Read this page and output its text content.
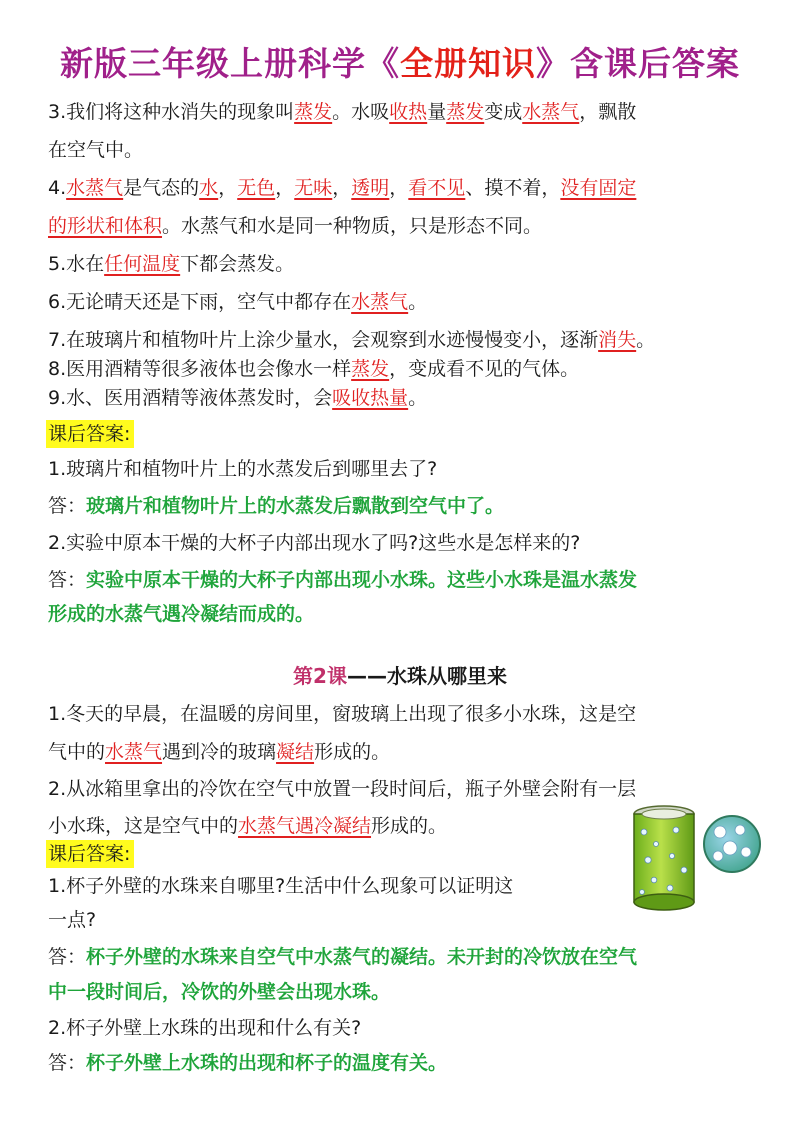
新版三年级上册科学《全册知识》含课后答案
3.我们将这种水消失的现象叫蒸发。水吸收热量蒸发变成水蒸气，飘散
在空气中。
4.水蒸气是气态的水，无色，无味，透明，看不见、摸不着，没有固定
的形状和体积。水蒸气和水是同一种物质，只是形态不同。
5.水在任何温度下都会蒸发。
6.无论晴天还是下雨，空气中都存在水蒸气。
7.在玻璃片和植物叶片上涂少量水，会观察到水迹慢慢变小，逐渐消失。
8.医用酒精等很多液体也会像水一样蒸发，变成看不见的气体。
9.水、医用酒精等液体蒸发时，会吸收热量。
课后答案:
1.玻璃片和植物叶片上的水蒸发后到哪里去了?
答：玻璃片和植物叶片上的水蒸发后飘散到空气中了。
2.实验中原本干燥的大杯子内部出现水了吗?这些水是怎样来的?
答：实验中原本干燥的大杯子内部出现小水珠。这些小水珠是温水蒸发
形成的水蒸气遇冷凝结而成的。
第2课——水珠从哪里来
1.冬天的早晨，在温暖的房间里，窗玻璃上出现了很多小水珠，这是空
气中的水蒸气遇到冷的玻璃凝结形成的。
2.从冰箱里拿出的冷饮在空气中放置一段时间后，瓶子外壁会附有一层
小水珠，这是空气中的水蒸气遇冷凝结形成的。
课后答案:
1.杯子外壁的水珠来自哪里?生活中什么现象可以证明这
一点?
答：杯子外壁的水珠来自空气中水蒸气的凝结。未开封的冷饮放在空气
中一段时间后，冷饮的外壁会出现水珠。
2.杯子外壁上水珠的出现和什么有关?
答：杯子外壁上水珠的出现和杯子的温度有关。
